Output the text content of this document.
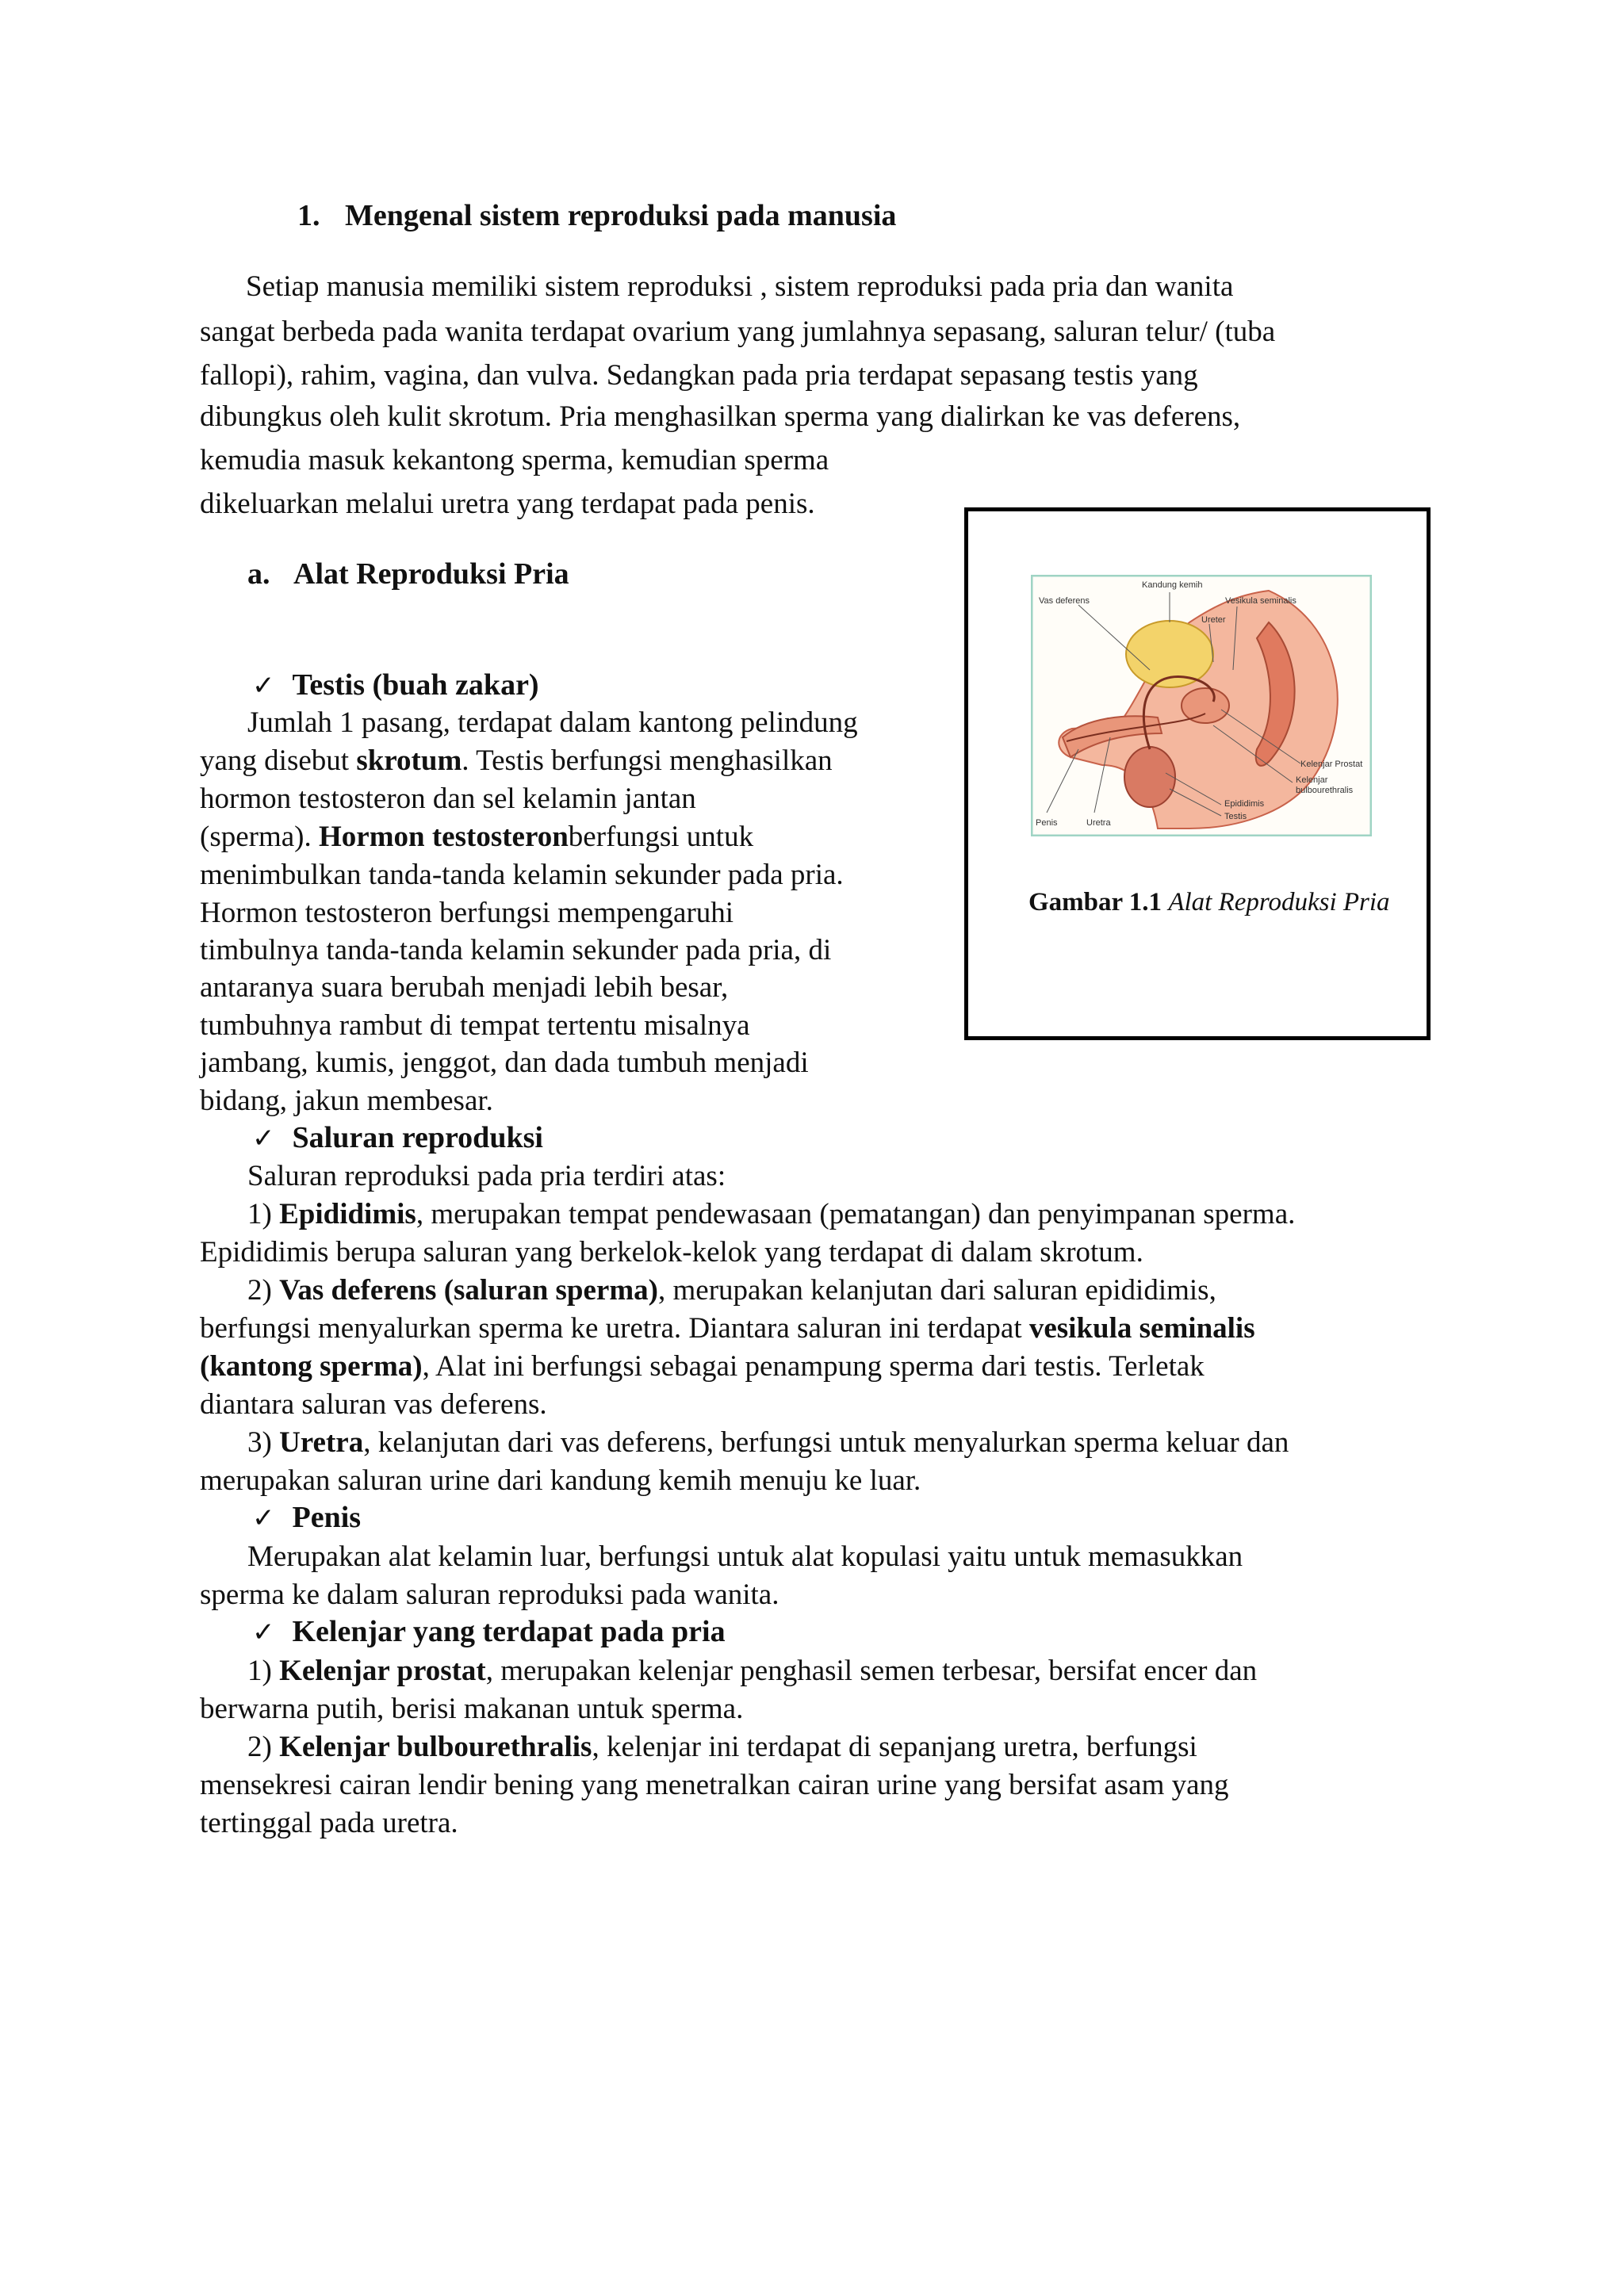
1. Mengenal sistem reproduksi pada manusia
Setiap manusia memiliki sistem reproduksi , sistem reproduksi pada pria dan wanita
sangat berbeda pada wanita terdapat ovarium yang jumlahnya sepasang, saluran telur/ (tuba
fallopi), rahim, vagina, dan vulva. Sedangkan pada pria terdapat sepasang testis yang
dibungkus oleh kulit skrotum. Pria menghasilkan sperma yang dialirkan ke vas deferens,
kemudia masuk kekantong sperma, kemudian sperma
dikeluarkan melalui uretra yang terdapat pada penis.
a. Alat Reproduksi Pria
✓ Testis (buah zakar)
Jumlah 1 pasang, terdapat dalam kantong pelindung
yang disebut skrotum. Testis berfungsi menghasilkan
hormon testosteron dan sel kelamin jantan
(sperma). Hormon testosteronberfungsi untuk
menimbulkan tanda-tanda kelamin sekunder pada pria.
Hormon testosteron berfungsi mempengaruhi
timbulnya tanda-tanda kelamin sekunder pada pria, di
antaranya suara berubah menjadi lebih besar,
tumbuhnya rambut di tempat tertentu misalnya
jambang, kumis, jenggot, dan dada tumbuh menjadi
bidang, jakun membesar.
✓ Saluran reproduksi
Saluran reproduksi pada pria terdiri atas:
1) Epididimis, merupakan tempat pendewasaan (pematangan) dan penyimpanan sperma.
Epididimis berupa saluran yang berkelok-kelok yang terdapat di dalam skrotum.
2) Vas deferens (saluran sperma), merupakan kelanjutan dari saluran epididimis,
berfungsi menyalurkan sperma ke uretra. Diantara saluran ini terdapat vesikula seminalis
(kantong sperma), Alat ini berfungsi sebagai penampung sperma dari testis. Terletak
diantara saluran vas deferens.
3) Uretra, kelanjutan dari vas deferens, berfungsi untuk menyalurkan sperma keluar dan
merupakan saluran urine dari kandung kemih menuju ke luar.
✓ Penis
Merupakan alat kelamin luar, berfungsi untuk alat kopulasi yaitu untuk memasukkan
sperma ke dalam saluran reproduksi pada wanita.
✓ Kelenjar yang terdapat pada pria
1) Kelenjar prostat, merupakan kelenjar penghasil semen terbesar, bersifat encer dan
berwarna putih, berisi makanan untuk sperma.
2) Kelenjar bulbourethralis, kelenjar ini terdapat di sepanjang uretra, berfungsi
mensekresi cairan lendir bening yang menetralkan cairan urine yang bersifat asam yang
tertinggal pada uretra.
Kandung kemih
Vas deferens	Vesikula seminalis
Ureter
Kelenjar Prostat
Kelenjar
bulbourethralis
Epididimis
Testis
Penis	Uretra
Gambar 1.1 Alat Reproduksi Pria
